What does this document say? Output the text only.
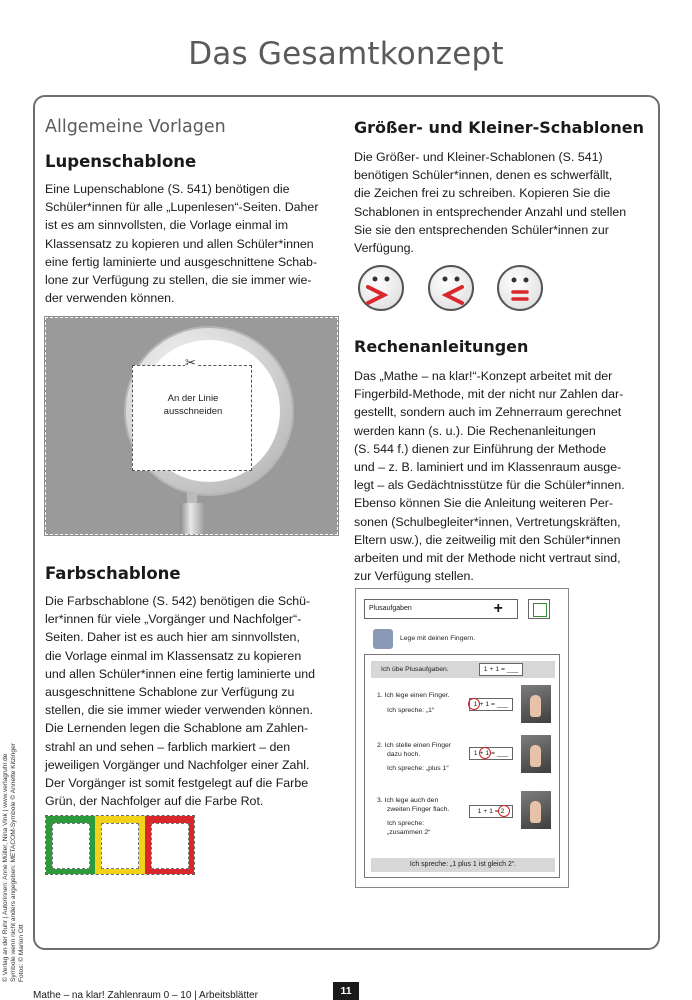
Das Gesamtkonzept
Allgemeine Vorlagen
Lupenschablone
Eine Lupenschablone (S. 541) benötigen die
Schüler*innen für alle „Lupenlesen“-Seiten. Daher
ist es am sinnvollsten, die Vorlage einmal im
Klassensatz zu kopieren und allen Schüler*innen
eine fertig laminierte und ausgeschnittene Schab-
lone zur Verfügung zu stellen, die sie immer wie-
der verwenden können.
An der Linie
ausschneiden
✂
Farbschablone
Die Farbschablone (S. 542) benötigen die Schü-
ler*innen für viele „Vorgänger und Nachfolger“-
Seiten. Daher ist es auch hier am sinnvollsten,
die Vorlage einmal im Klassensatz zu kopieren
und allen Schüler*innen eine fertig laminierte und
ausgeschnittene Schablone zur Verfügung zu
stellen, die sie immer wieder verwenden können.
Die Lernenden legen die Schablone am Zahlen-
strahl an und sehen – farblich markiert – den
jeweiligen Vorgänger und Nachfolger einer Zahl.
Der Vorgänger ist somit festgelegt auf die Farbe
Grün, der Nachfolger auf die Farbe Rot.
Größer- und Kleiner-Schablonen
Die Größer- und Kleiner-Schablonen (S. 541)
benötigen Schüler*innen, denen es schwerfällt,
die Zeichen frei zu schreiben. Kopieren Sie die
Schablonen in entsprechender Anzahl und stellen
Sie sie den entsprechenden Schüler*innen zur
Verfügung.
Rechenanleitungen
Das „Mathe – na klar!“-Konzept arbeitet mit der
Fingerbild-Methode, mit der nicht nur Zahlen dar-
gestellt, sondern auch im Zehnerraum gerechnet
werden kann (s. u.). Die Rechenanleitungen
(S. 544 f.) dienen zur Einführung der Methode
und – z. B. laminiert und im Klassenraum ausge-
legt – als Gedächtnisstütze für die Schüler*innen.
Ebenso können Sie die Anleitung weiteren Per-
sonen (Schulbegleiter*innen, Vertretungskräften,
Eltern usw.), die zeitweilig mit den Schüler*innen
arbeiten und mit der Methode nicht vertraut sind,
zur Verfügung stellen.
Plusaufgaben	+
Lege mit deinen Fingern.
Ich übe Plusaufgaben.	1 + 1 = ___
1. Ich lege einen Finger.
Ich spreche: „1“
1 + 1 = ___
2. Ich stelle einen Finger
dazu hoch.
Ich spreche: „plus 1“
1 + 1 = ___
3. Ich lege auch den
zweiten Finger flach.
Ich spreche:
„zusammen 2“
1 + 1 = 2
Ich spreche: „1 plus 1 ist gleich 2“.
© Verlag an der Ruhr | Autorinnen: Anne Müller, Nina Vink | www.verlagruhr.de Symbole wenn nicht anders angegeben: METACOM-Symbole © Annette Kitzinger Fotos: © Marion Ott
Mathe – na klar! Zahlenraum 0 – 10 | Arbeitsblätter	11
